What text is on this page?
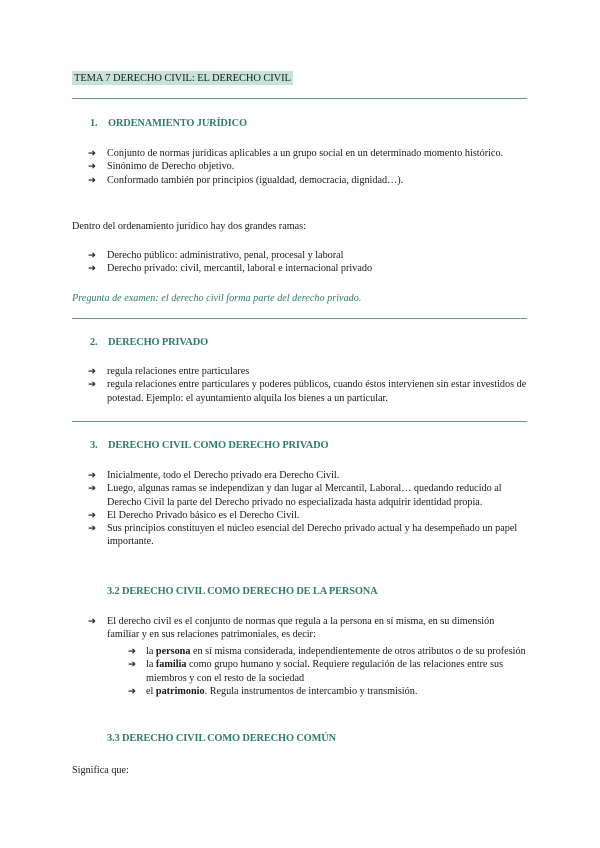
TEMA 7 DERECHO CIVIL: EL DERECHO CIVIL
1. ORDENAMIENTO JURÍDICO
➔ Conjunto de normas jurídicas aplicables a un grupo social en un determinado momento histórico.
➔ Sinónimo de Derecho objetivo.
➔ Conformado también por principios (igualdad, democracia, dignidad…).
Dentro del ordenamiento jurídico hay dos grandes ramas:
➔ Derecho público: administrativo, penal, procesal y laboral
➔ Derecho privado: civil, mercantil, laboral e internacional privado
Pregunta de examen: el derecho civil forma parte del derecho privado.
2. DERECHO PRIVADO
➔ regula relaciones entre particulares
➔ regula relaciones entre particulares y poderes públicos, cuando éstos intervienen sin estar investidos de potestad. Ejemplo: el ayuntamiento alquila los bienes a un particular.
3. DERECHO CIVIL COMO DERECHO PRIVADO
➔ Inicialmente, todo el Derecho privado era Derecho Civil.
➔ Luego, algunas ramas se independizan y dan lugar al Mercantil, Laboral… quedando reducido al Derecho Civil la parte del Derecho privado no especializada hasta adquirir identidad propia.
➔ El Derecho Privado básico es el Derecho Civil.
➔ Sus principios constituyen el núcleo esencial del Derecho privado actual y ha desempeñado un papel importante.
3.2 DERECHO CIVIL COMO DERECHO DE LA PERSONA
➔ El derecho civil es el conjunto de normas que regula a la persona en sí misma, en su dimensión familiar y en sus relaciones patrimoniales, es decir:
➔ la persona en sí misma considerada, independientemente de otros atributos o de su profesión
➔ la familia como grupo humano y social. Requiere regulación de las relaciones entre sus miembros y con el resto de la sociedad
➔ el patrimonio. Regula instrumentos de intercambio y transmisión.
3.3 DERECHO CIVIL COMO DERECHO COMÚN
Significa que:
